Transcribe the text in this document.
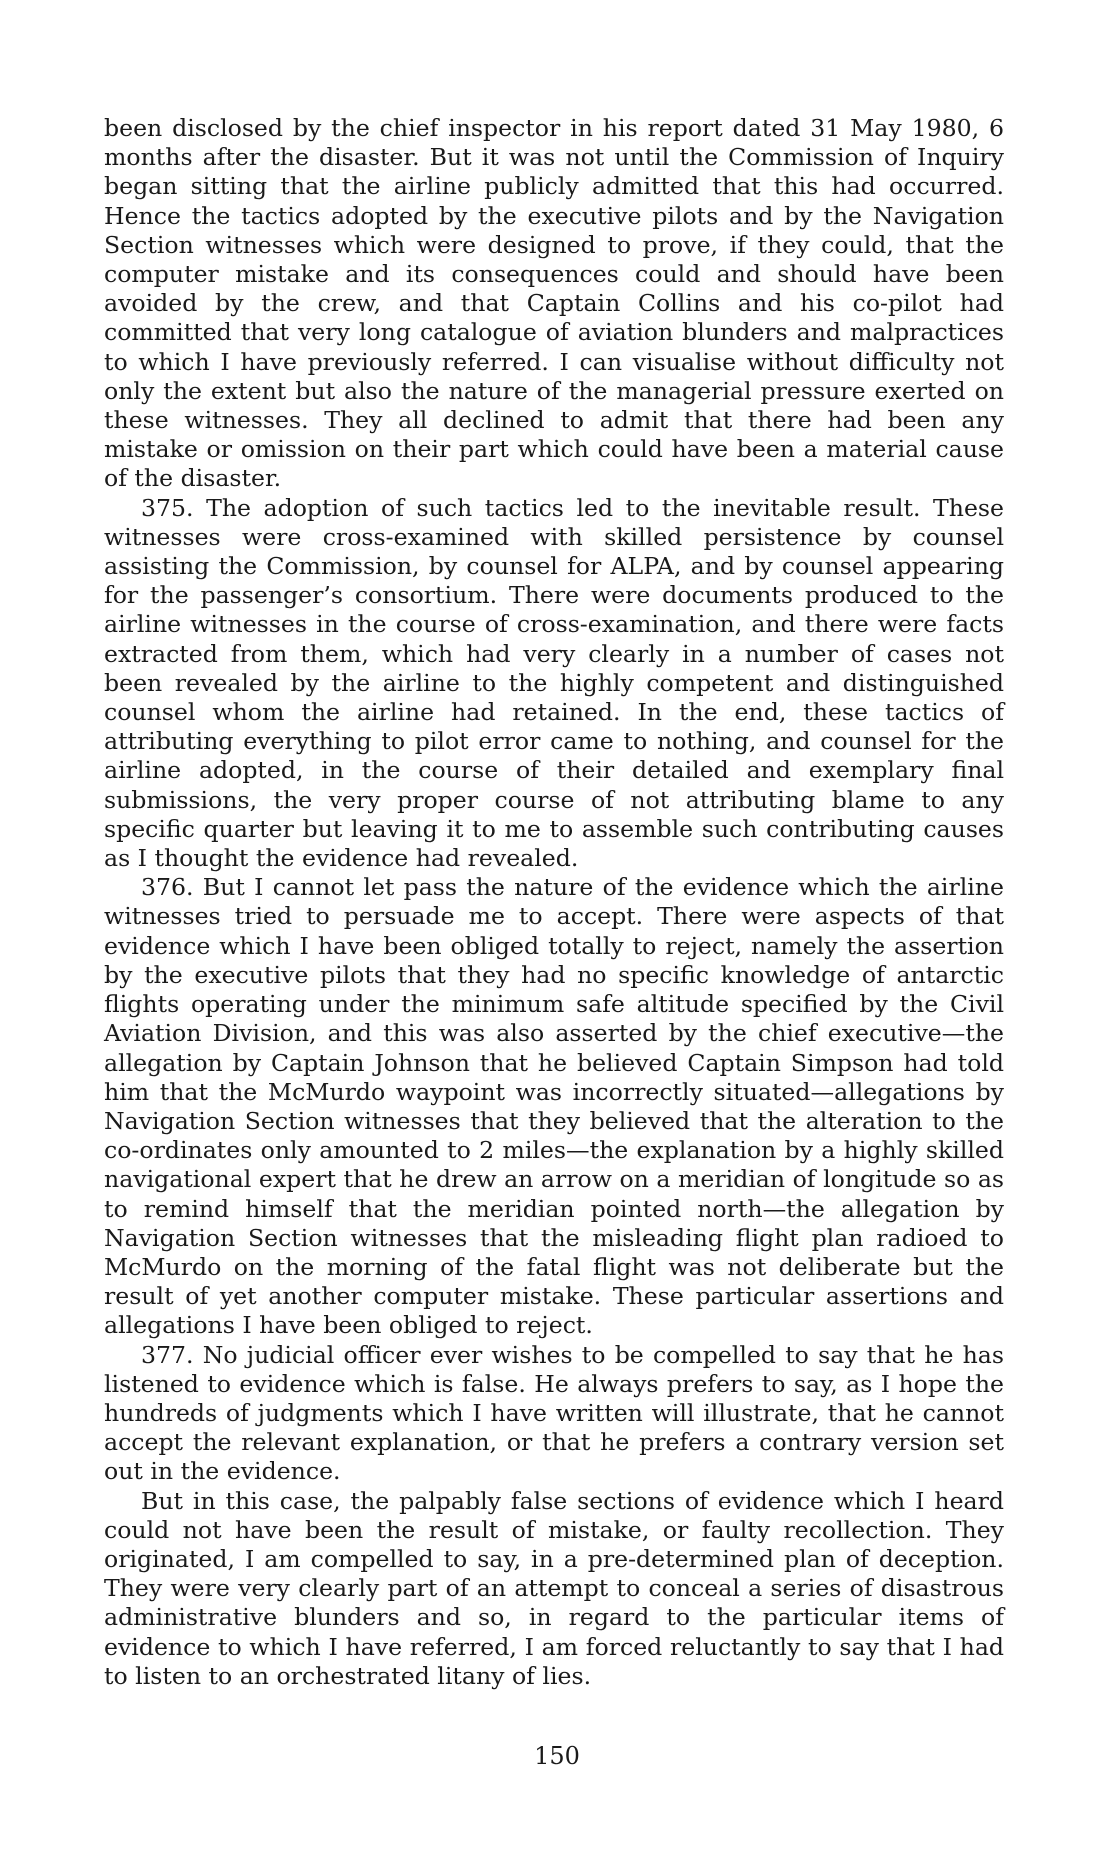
been disclosed by the chief inspector in his report dated 31 May 1980, 6 months after the disaster. But it was not until the Commission of Inquiry began sitting that the airline publicly admitted that this had occurred. Hence the tactics adopted by the executive pilots and by the Navigation Section witnesses which were designed to prove, if they could, that the computer mistake and its consequences could and should have been avoided by the crew, and that Captain Collins and his co-pilot had committed that very long catalogue of aviation blunders and malpractices to which I have previously referred. I can visualise without difficulty not only the extent but also the nature of the managerial pressure exerted on these witnesses. They all declined to admit that there had been any mistake or omission on their part which could have been a material cause of the disaster.

375. The adoption of such tactics led to the inevitable result. These witnesses were cross-examined with skilled persistence by counsel assisting the Commission, by counsel for ALPA, and by counsel appearing for the passenger’s consortium. There were documents produced to the airline witnesses in the course of cross-examination, and there were facts extracted from them, which had very clearly in a number of cases not been revealed by the airline to the highly competent and distinguished counsel whom the airline had retained. In the end, these tactics of attributing everything to pilot error came to nothing, and counsel for the airline adopted, in the course of their detailed and exemplary final submissions, the very proper course of not attributing blame to any specific quarter but leaving it to me to assemble such contributing causes as I thought the evidence had revealed.

376. But I cannot let pass the nature of the evidence which the airline witnesses tried to persuade me to accept. There were aspects of that evidence which I have been obliged totally to reject, namely the assertion by the executive pilots that they had no specific knowledge of antarctic flights operating under the minimum safe altitude specified by the Civil Aviation Division, and this was also asserted by the chief executive—the allegation by Captain Johnson that he believed Captain Simpson had told him that the McMurdo waypoint was incorrectly situated—allegations by Navigation Section witnesses that they believed that the alteration to the co-ordinates only amounted to 2 miles—the explanation by a highly skilled navigational expert that he drew an arrow on a meridian of longitude so as to remind himself that the meridian pointed north—the allegation by Navigation Section witnesses that the misleading flight plan radioed to McMurdo on the morning of the fatal flight was not deliberate but the result of yet another computer mistake. These particular assertions and allegations I have been obliged to reject.

377. No judicial officer ever wishes to be compelled to say that he has listened to evidence which is false. He always prefers to say, as I hope the hundreds of judgments which I have written will illustrate, that he cannot accept the relevant explanation, or that he prefers a contrary version set out in the evidence.

But in this case, the palpably false sections of evidence which I heard could not have been the result of mistake, or faulty recollection. They originated, I am compelled to say, in a pre-determined plan of deception. They were very clearly part of an attempt to conceal a series of disastrous administrative blunders and so, in regard to the particular items of evidence to which I have referred, I am forced reluctantly to say that I had to listen to an orchestrated litany of lies.

150
